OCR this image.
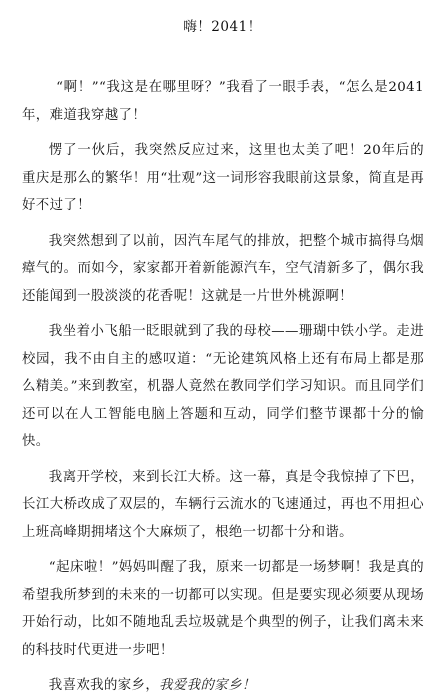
嗨！2041！

“啊！”“我这是在哪里呀？”我看了一眼手表，“怎么是2041年，难道我穿越了！

愣了一伙后，我突然反应过来，这里也太美了吧！20年后的重庆是那么的繁华！用“壮观”这一词形容我眼前这景象，简直是再好不过了！

我突然想到了以前，因汽车尾气的排放，把整个城市搞得乌烟瘴气的。而如今，家家都开着新能源汽车，空气清新多了，偶尔我还能闻到一股淡淡的花香呢！这就是一片世外桃源啊！

我坐着小飞船一眨眼就到了我的母校——珊瑚中铁小学。走进校园，我不由自主的感叹道：“无论建筑风格上还有布局上都是那么精美。”来到教室，机器人竟然在教同学们学习知识。而且同学们还可以在人工智能电脑上答题和互动，同学们整节课都十分的愉快。

我离开学校，来到长江大桥。这一幕，真是令我惊掉了下巴，长江大桥改成了双层的，车辆行云流水的飞速通过，再也不用担心上班高峰期拥堵这个大麻烦了，根绝一切都十分和谐。

“起床啦！”妈妈叫醒了我，原来一切都是一场梦啊！我是真的希望我所梦到的未来的一切都可以实现。但是要实现必须要从现场开始行动，比如不随地乱丢垃圾就是个典型的例子，让我们离未来的科技时代更进一步吧！

我喜欢我的家乡，我爱我的家乡！
